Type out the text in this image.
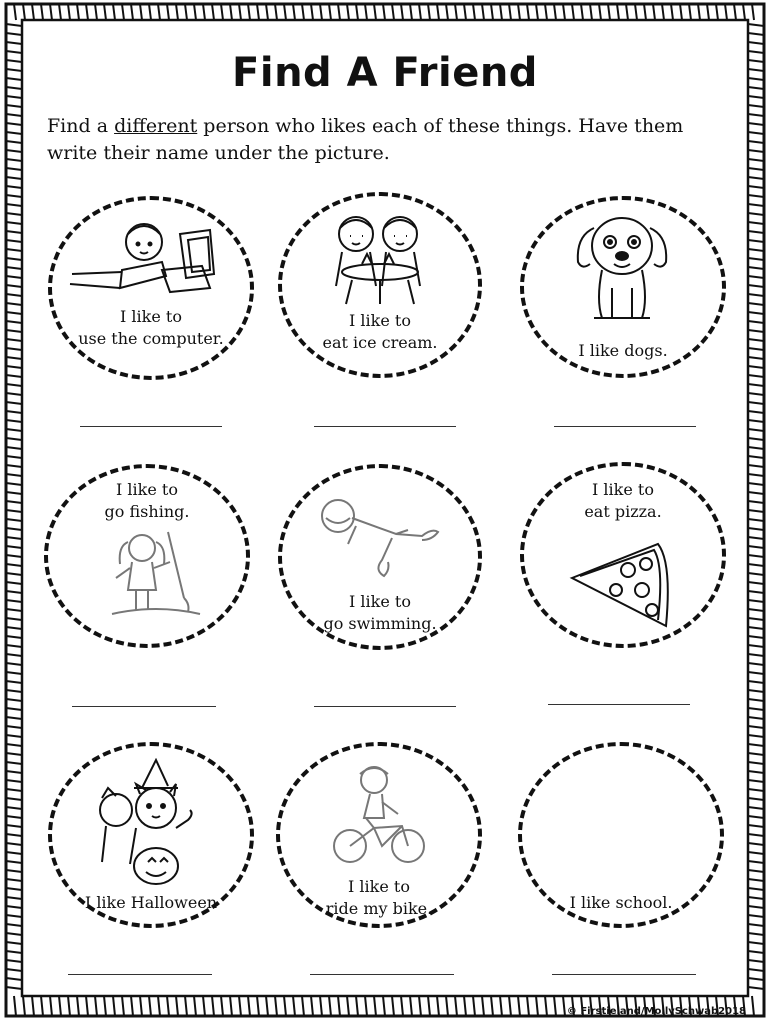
Find A Friend

Find a different person who likes each of these things. Have them write their name under the picture.

I like to
use the computer.
I like to
eat ice cream.	I like dogs.
I like to
go fishing.
I like to
go swimming.
I like to
eat pizza.
I like Halloween
I like to
ride my bike.	I like school.
© Firstieland/MollySchwab2018
